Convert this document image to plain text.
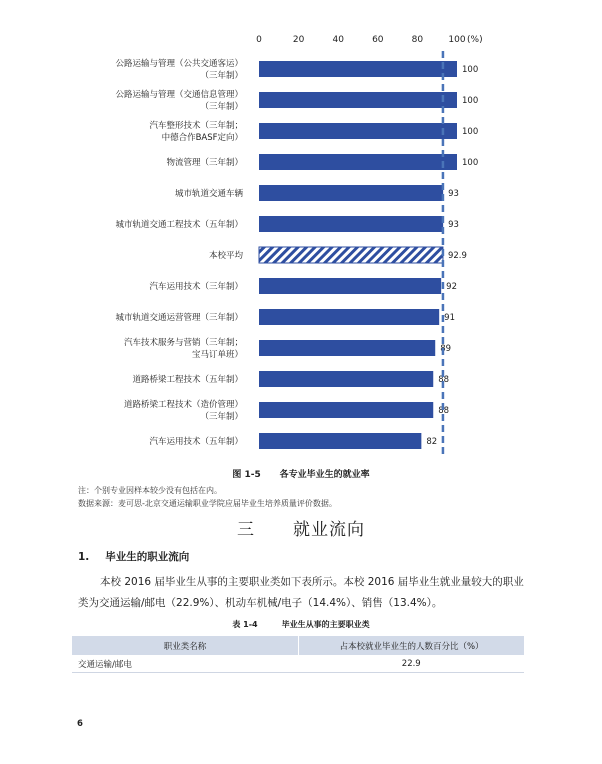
0	20	40	60	80	100 (%)
公路运输与管理（公共交通客运）
（三年制）
100
公路运输与管理（交通信息管理）
（三年制）
100
汽车整形技术（三年制；
中德合作BASF定向）
100
物流管理（三年制）	100
城市轨道交通车辆	93
城市轨道交通工程技术（五年制）	93
本校平均	92.9
汽车运用技术（三年制）	92
城市轨道交通运营管理（三年制）	91
汽车技术服务与营销（三年制；
宝马订单班）
89
道路桥梁工程技术（五年制）	88
道路桥梁工程技术（造价管理）
（三年制）
88
汽车运用技术（五年制）	82
图 1-5 各专业毕业生的就业率
注：个别专业因样本较少没有包括在内。
数据来源：麦可思-北京交通运输职业学院应届毕业生培养质量评价数据。
三 就业流向
1. 毕业生的职业流向
本校 2016 届毕业生从事的主要职业类如下表所示。本校 2016 届毕业生就业量较大的职业
类为交通运输/邮电（22.9%）、机动车机械/电子（14.4%）、销售（13.4%）。
表 1-4	毕业生从事的主要职业类
职业类名称	占本校就业毕业生的人数百分比（%）
交通运输/邮电	22.9
6
